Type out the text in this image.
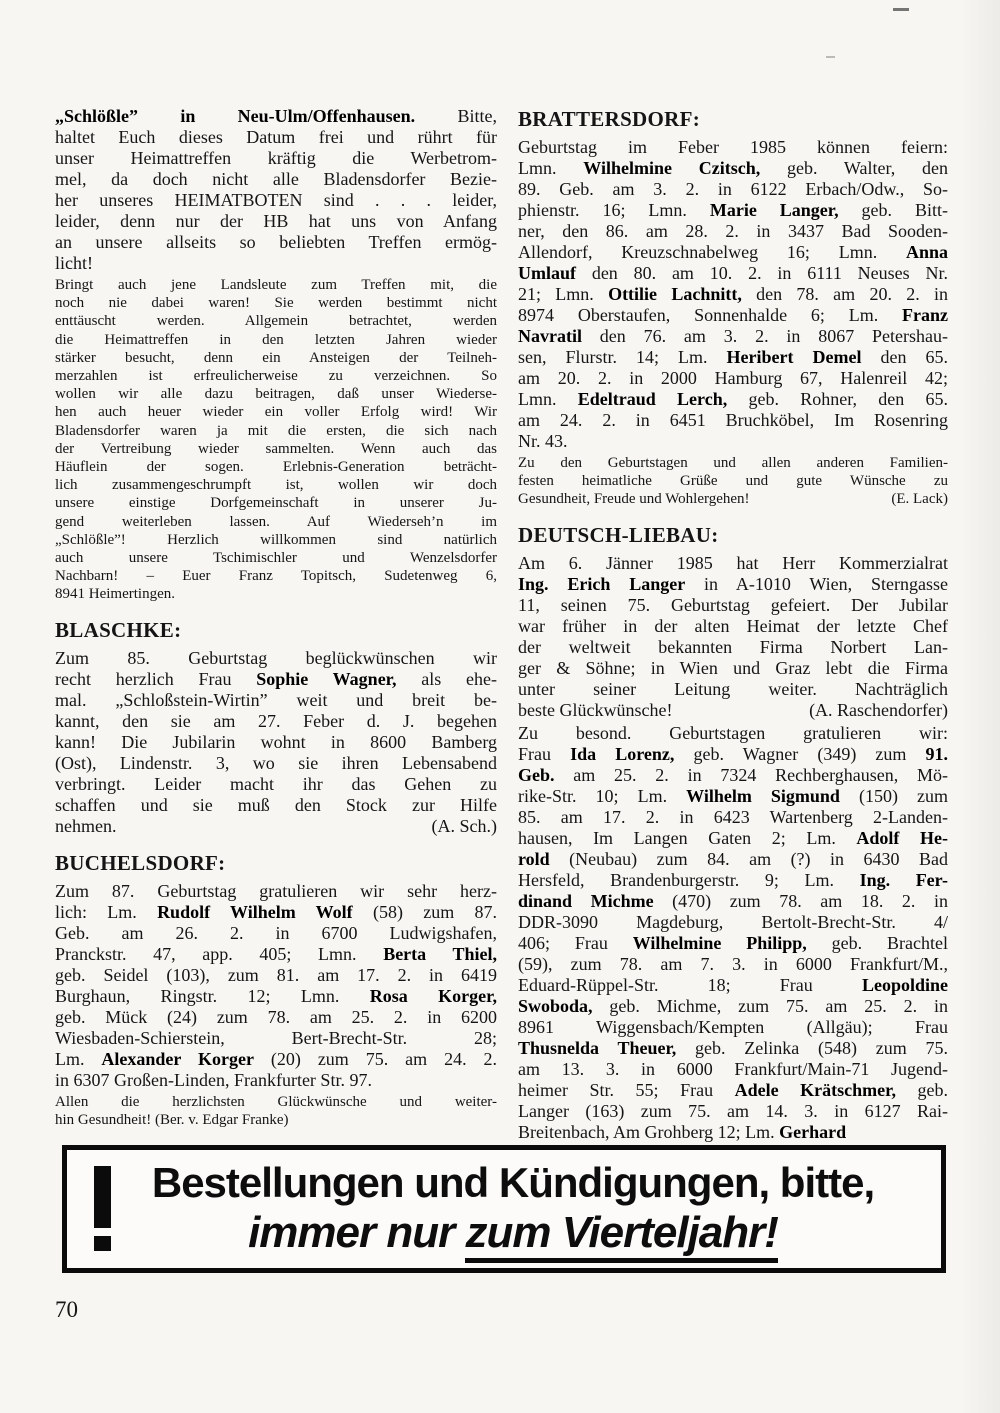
„Schlößle” in Neu-Ulm/Offenhausen. Bitte,
haltet Euch dieses Datum frei und rührt für
unser Heimattreffen kräftig die Werbetrom-
mel, da doch nicht alle Bladensdorfer Bezie-
her unseres HEIMATBOTEN sind . . . leider,
leider, denn nur der HB hat uns von Anfang
an unsere allseits so beliebten Treffen ermög-
licht!
Bringt auch jene Landsleute zum Treffen mit, die
noch nie dabei waren! Sie werden bestimmt nicht
enttäuscht werden. Allgemein betrachtet, werden
die Heimattreffen in den letzten Jahren wieder
stärker besucht, denn ein Ansteigen der Teilneh-
merzahlen ist erfreulicherweise zu verzeichnen. So
wollen wir alle dazu beitragen, daß unser Wiederse-
hen auch heuer wieder ein voller Erfolg wird! Wir
Bladensdorfer waren ja mit die ersten, die sich nach
der Vertreibung wieder sammelten. Wenn auch das
Häuflein der sogen. Erlebnis-Generation beträcht-
lich zusammengeschrumpft ist, wollen wir doch
unsere einstige Dorfgemeinschaft in unserer Ju-
gend weiterleben lassen. Auf Wiederseh’n im
„Schlößle”! Herzlich willkommen sind natürlich
auch unsere Tschimischler und Wenzelsdorfer
Nachbarn! – Euer Franz Topitsch, Sudetenweg 6,
8941 Heimertingen.
BLASCHKE:
Zum 85. Geburtstag beglückwünschen wir
recht herzlich Frau Sophie Wagner, als ehe-
mal. „Schloßstein-Wirtin” weit und breit be-
kannt, den sie am 27. Feber d. J. begehen
kann! Die Jubilarin wohnt in 8600 Bamberg
(Ost), Lindenstr. 3, wo sie ihren Lebensabend
verbringt. Leider macht ihr das Gehen zu
schaffen und sie muß den Stock zur Hilfe
nehmen.	(A. Sch.)
BUCHELSDORF:
Zum 87. Geburtstag gratulieren wir sehr herz-
lich: Lm. Rudolf Wilhelm Wolf (58) zum 87.
Geb. am 26. 2. in 6700 Ludwigshafen,
Pranckstr. 47, app. 405; Lmn. Berta Thiel,
geb. Seidel (103), zum 81. am 17. 2. in 6419
Burghaun, Ringstr. 12; Lmn. Rosa Korger,
geb. Mück (24) zum 78. am 25. 2. in 6200
Wiesbaden-Schierstein, Bert-Brecht-Str. 28;
Lm. Alexander Korger (20) zum 75. am 24. 2.
in 6307 Großen-Linden, Frankfurter Str. 97.
Allen die herzlichsten Glückwünsche und weiter-
hin Gesundheit! (Ber. v. Edgar Franke)
BRATTERSDORF:
Geburtstag im Feber 1985 können feiern:
Lmn. Wilhelmine Czitsch, geb. Walter, den
89. Geb. am 3. 2. in 6122 Erbach/Odw., So-
phienstr. 16; Lmn. Marie Langer, geb. Bitt-
ner, den 86. am 28. 2. in 3437 Bad Sooden-
Allendorf, Kreuzschnabelweg 16; Lmn. Anna
Umlauf den 80. am 10. 2. in 6111 Neuses Nr.
21; Lmn. Ottilie Lachnitt, den 78. am 20. 2. in
8974 Oberstaufen, Sonnenhalde 6; Lm. Franz
Navratil den 76. am 3. 2. in 8067 Petershau-
sen, Flurstr. 14; Lm. Heribert Demel den 65.
am 20. 2. in 2000 Hamburg 67, Halenreil 42;
Lmn. Edeltraud Lerch, geb. Rohner, den 65.
am 24. 2. in 6451 Bruchköbel, Im Rosenring
Nr. 43.
Zu den Geburtstagen und allen anderen Familien-
festen heimatliche Grüße und gute Wünsche zu
Gesundheit, Freude und Wohlergehen!	(E. Lack)
DEUTSCH-LIEBAU:
Am 6. Jänner 1985 hat Herr Kommerzialrat
Ing. Erich Langer in A-1010 Wien, Sterngasse
11, seinen 75. Geburtstag gefeiert. Der Jubilar
war früher in der alten Heimat der letzte Chef
der weltweit bekannten Firma Norbert Lan-
ger & Söhne; in Wien und Graz lebt die Firma
unter seiner Leitung weiter. Nachträglich
beste Glückwünsche!	(A. Raschendorfer)
Zu besond. Geburtstagen gratulieren wir:
Frau Ida Lorenz, geb. Wagner (349) zum 91.
Geb. am 25. 2. in 7324 Rechberghausen, Mö-
rike-Str. 10; Lm. Wilhelm Sigmund (150) zum
85. am 17. 2. in 6423 Wartenberg 2-Landen-
hausen, Im Langen Gaten 2; Lm. Adolf He-
rold (Neubau) zum 84. am (?) in 6430 Bad
Hersfeld, Brandenburgerstr. 9; Lm. Ing. Fer-
dinand Michme (470) zum 78. am 18. 2. in
DDR-3090 Magdeburg, Bertolt-Brecht-Str. 4/
406; Frau Wilhelmine Philipp, geb. Brachtel
(59), zum 78. am 7. 3. in 6000 Frankfurt/M.,
Eduard-Rüppel-Str. 18; Frau Leopoldine
Swoboda, geb. Michme, zum 75. am 25. 2. in
8961 Wiggensbach/Kempten (Allgäu); Frau
Thusnelda Theuer, geb. Zelinka (548) zum 75.
am 13. 3. in 6000 Frankfurt/Main-71 Jugend-
heimer Str. 55; Frau Adele Krätschmer, geb.
Langer (163) zum 75. am 14. 3. in 6127 Rai-
Breitenbach, Am Grohberg 12; Lm. Gerhard
Bestellungen und Kündigungen, bitte,
immer nur zum Vierteljahr!
70
